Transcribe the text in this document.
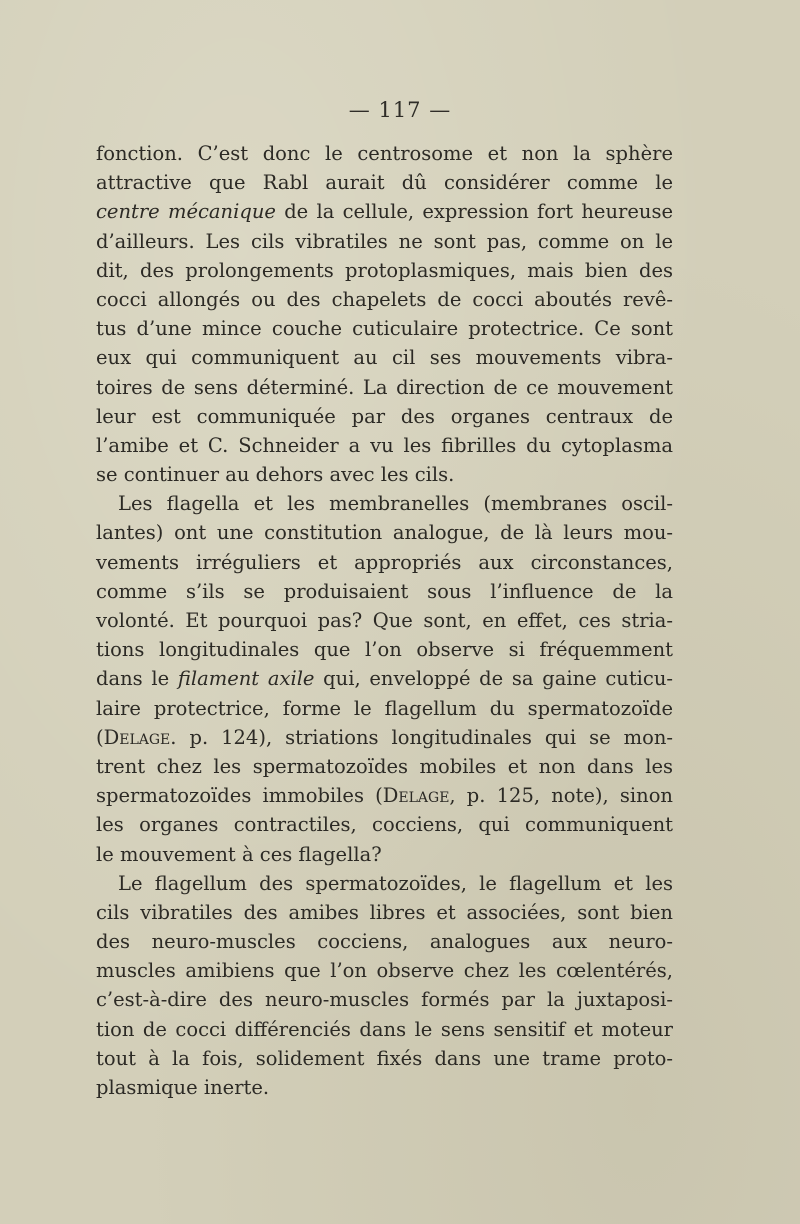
— 117 —
fonction. C’est donc le centrosome et non la sphère
attractive que Rabl aurait dû considérer comme le
centre mécanique de la cellule, expression fort heureuse
d’ailleurs. Les cils vibratiles ne sont pas, comme on le
dit, des prolongements protoplasmiques, mais bien des
cocci allongés ou des chapelets de cocci aboutés revê-
tus d’une mince couche cuticulaire protectrice. Ce sont
eux qui communiquent au cil ses mouvements vibra-
toires de sens déterminé. La direction de ce mouvement
leur est communiquée par des organes centraux de
l’amibe et C. Schneider a vu les fibrilles du cytoplasma
se continuer au dehors avec les cils.
Les flagella et les membranelles (membranes oscil-
lantes) ont une constitution analogue, de là leurs mou-
vements irréguliers et appropriés aux circonstances,
comme s’ils se produisaient sous l’influence de la
volonté. Et pourquoi pas? Que sont, en effet, ces stria-
tions longitudinales que l’on observe si fréquemment
dans le filament axile qui, enveloppé de sa gaine cuticu-
laire protectrice, forme le flagellum du spermatozoïde
(Delage. p. 124), striations longitudinales qui se mon-
trent chez les spermatozoïdes mobiles et non dans les
spermatozoïdes immobiles (Delage, p. 125, note), sinon
les organes contractiles, cocciens, qui communiquent
le mouvement à ces flagella?
Le flagellum des spermatozoïdes, le flagellum et les
cils vibratiles des amibes libres et associées, sont bien
des neuro-muscles cocciens, analogues aux neuro-
muscles amibiens que l’on observe chez les cœlentérés,
c’est-à-dire des neuro-muscles formés par la juxtaposi-
tion de cocci différenciés dans le sens sensitif et moteur
tout à la fois, solidement fixés dans une trame proto-
plasmique inerte.
